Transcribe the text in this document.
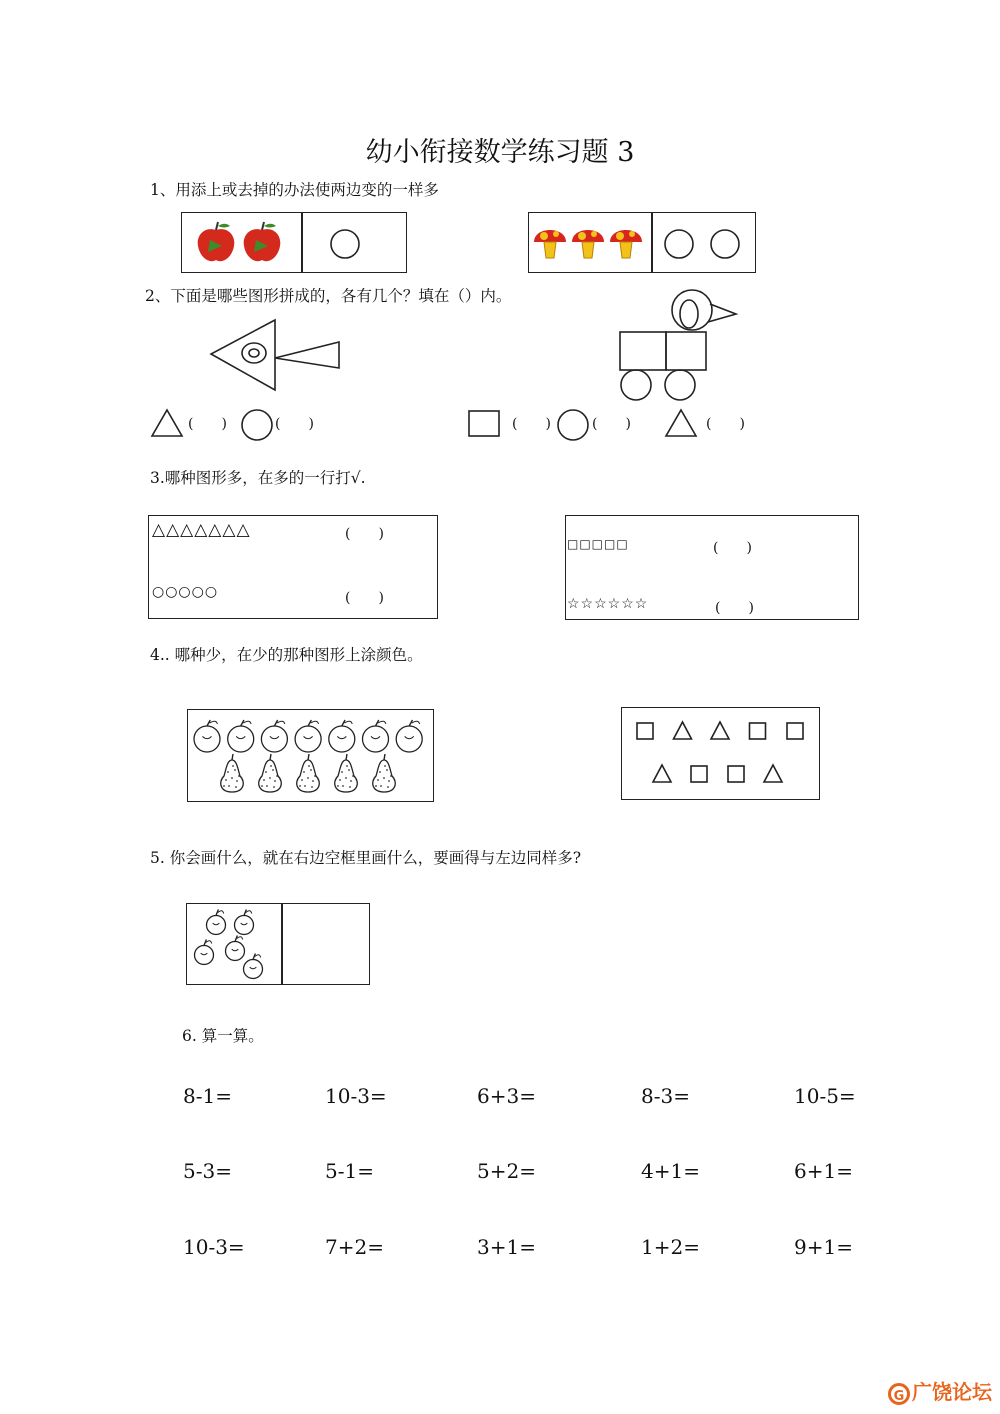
幼小衔接数学练习题 3
1、用添上或去掉的办法使两边变的一样多
2、下面是哪些图形拼成的，各有几个？填在（）内。
(　　)	(　　)	(　　)	(　　)	(　　)
3.哪种图形多，在多的一行打√.
△△△△△△△	(　　)
○○○○○	(　　)
□□□□□	(　　)
☆☆☆☆☆☆	(　　)
4.. 哪种少，在少的那种图形上涂颜色。
5. 你会画什么，就在右边空框里画什么，要画得与左边同样多?
6. 算一算。
8-1=	10-3=	6+3=	8-3=	10-5=
5-3=	5-1=	5+2=	4+1=	6+1=
10-3=	7+2=	3+1=	1+2=	9+1=
G 广饶论坛
